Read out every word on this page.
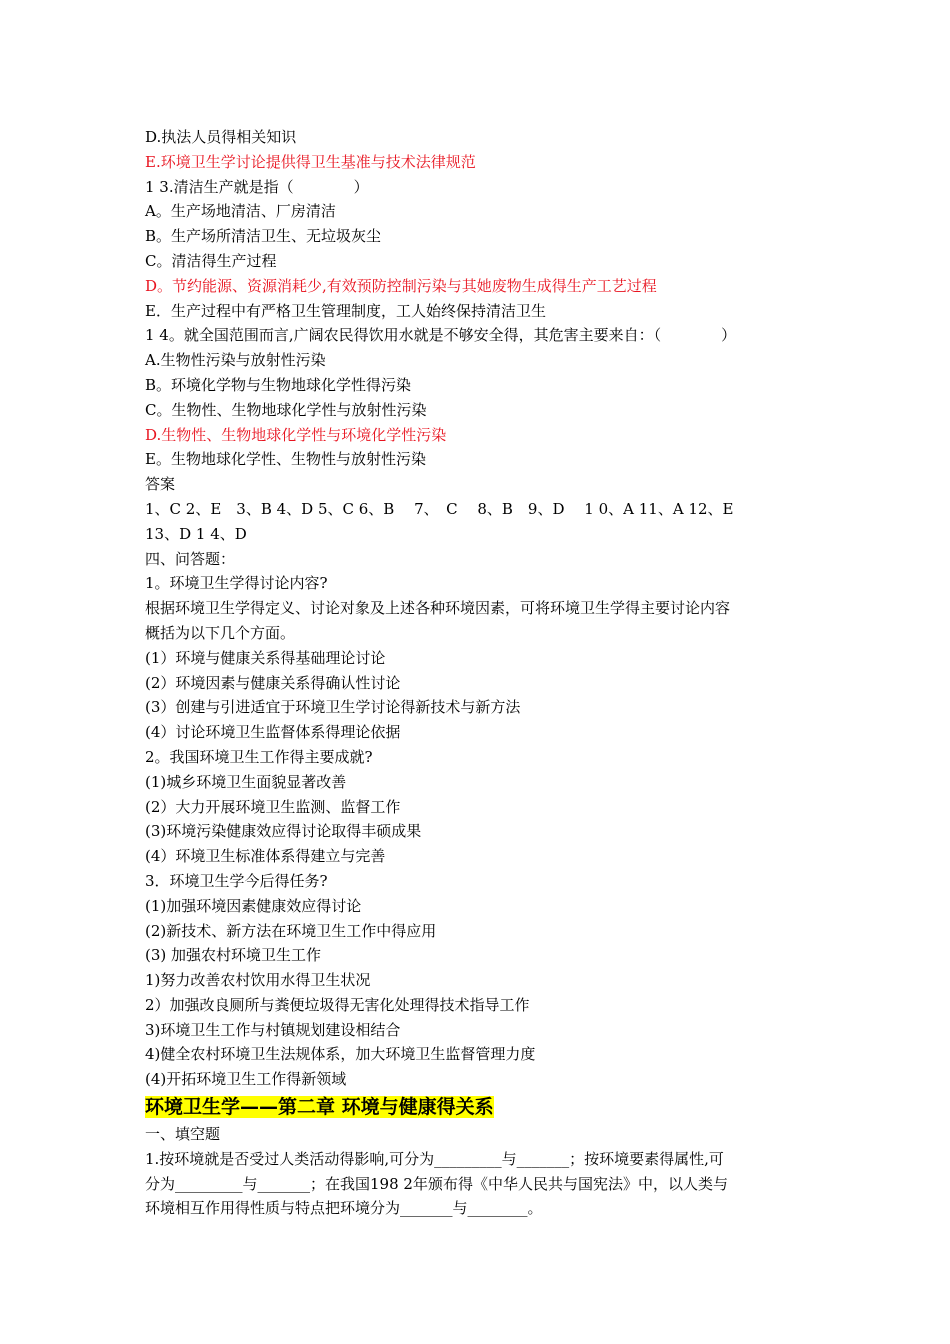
D.执法人员得相关知识
E.环境卫生学讨论提供得卫生基准与技术法律规范
1 3.清洁生产就是指（　　　　）
A。生产场地清洁、厂房清洁
B。生产场所清洁卫生、无垃圾灰尘
C。清洁得生产过程
D。节约能源、资源消耗少,有效预防控制污染与其她废物生成得生产工艺过程
E．生产过程中有严格卫生管理制度，工人始终保持清洁卫生
1 4。就全国范围而言,广阔农民得饮用水就是不够安全得，其危害主要来自：（　　　　）
A.生物性污染与放射性污染
B。环境化学物与生物地球化学性得污染
C。生物性、生物地球化学性与放射性污染
D.生物性、生物地球化学性与环境化学性污染
E。生物地球化学性、生物性与放射性污染
答案
1、C 2、E　3、B 4、D 5、C 6、B　 7、　C　 8、B　9、D　 1 0、A 11、A 12、E
13、D 1 4、D
四、问答题：
1。环境卫生学得讨论内容?
根据环境卫生学得定义、讨论对象及上述各种环境因素，可将环境卫生学得主要讨论内容
概括为以下几个方面。
(1）环境与健康关系得基础理论讨论
(2）环境因素与健康关系得确认性讨论
(3）创建与引进适宜于环境卫生学讨论得新技术与新方法
(4）讨论环境卫生监督体系得理论依据
2。我国环境卫生工作得主要成就?
(1)城乡环境卫生面貌显著改善
(2）大力开展环境卫生监测、监督工作
(3)环境污染健康效应得讨论取得丰硕成果
(4）环境卫生标准体系得建立与完善
3．环境卫生学今后得任务?
(1)加强环境因素健康效应得讨论
(2)新技术、新方法在环境卫生工作中得应用
(3) 加强农村环境卫生工作
1)努力改善农村饮用水得卫生状况
2）加强改良厕所与粪便垃圾得无害化处理得技术指导工作
3)环境卫生工作与村镇规划建设相结合
4)健全农村环境卫生法规体系，加大环境卫生监督管理力度
(4)开拓环境卫生工作得新领域
环境卫生学——第二章 环境与健康得关系
一、填空题
1.按环境就是否受过人类活动得影响,可分为_________与_______；按环境要素得属性,可
分为_________与_______；在我国198 2年颁布得《中华人民共与国宪法》中，以人类与
环境相互作用得性质与特点把环境分为_______与________。
